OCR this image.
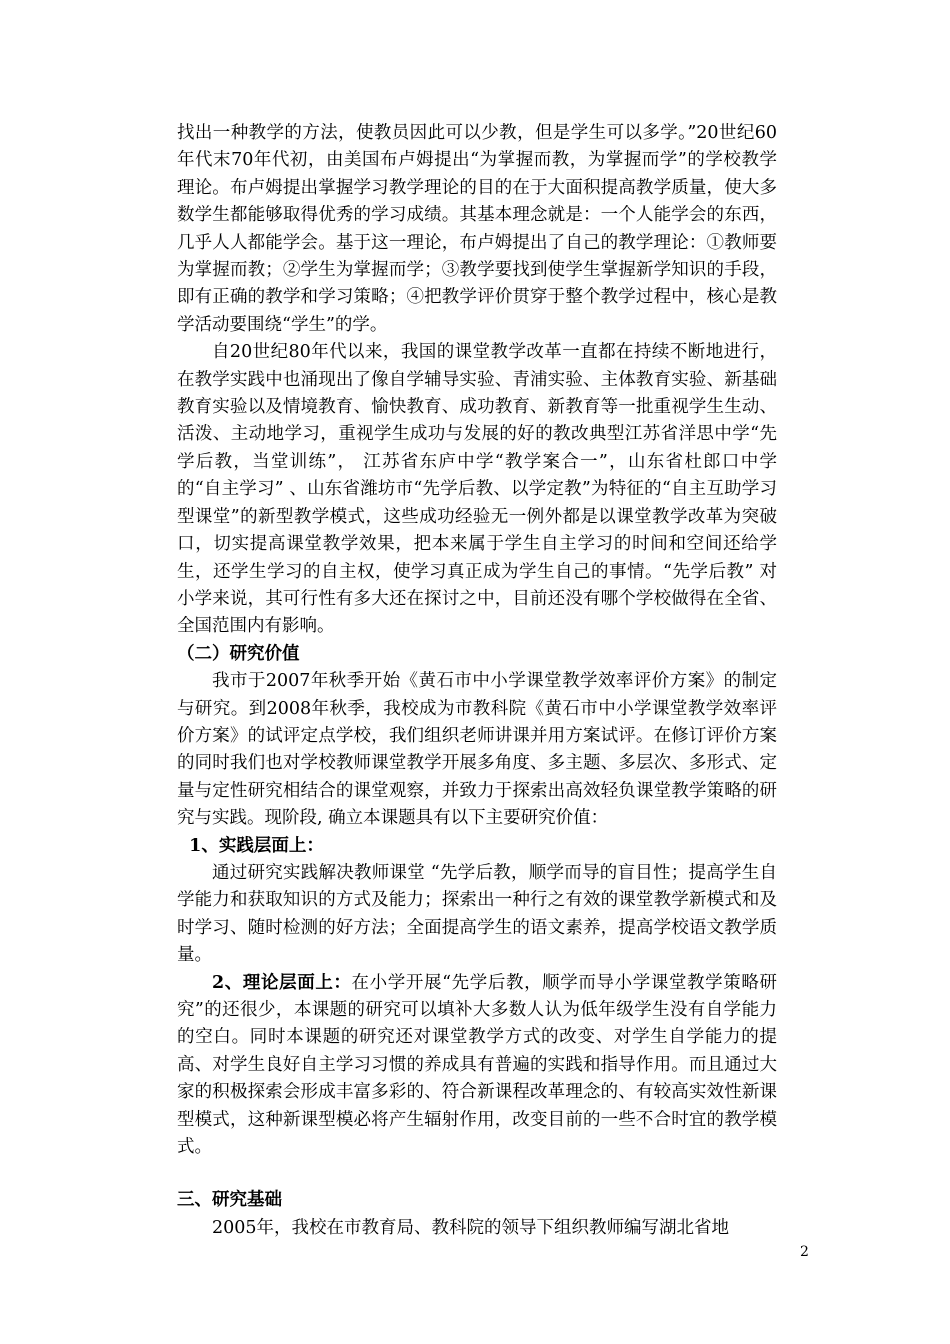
找出一种教学的方法，使教员因此可以少教，但是学生可以多学。”20世纪60年代末70年代初，由美国布卢姆提出“为掌握而教，为掌握而学”的学校教学理论。布卢姆提出掌握学习教学理论的目的在于大面积提高教学质量，使大多数学生都能够取得优秀的学习成绩。其基本理念就是：一个人能学会的东西，几乎人人都能学会。基于这一理论，布卢姆提出了自己的教学理论：①教师要为掌握而教；②学生为掌握而学；③教学要找到使学生掌握新学知识的手段，即有正确的教学和学习策略；④把教学评价贯穿于整个教学过程中，核心是教学活动要围绕“学生”的学。

自20世纪80年代以来，我国的课堂教学改革一直都在持续不断地进行，在教学实践中也涌现出了像自学辅导实验、青浦实验、主体教育实验、新基础教育实验以及情境教育、愉快教育、成功教育、新教育等一批重视学生生动、活泼、主动地学习，重视学生成功与发展的好的教改典型江苏省洋思中学“先学后教，当堂训练”， 江苏省东庐中学“教学案合一”，山东省杜郎口中学的“自主学习” 、山东省潍坊市“先学后教、以学定教”为特征的“自主互助学习型课堂”的新型教学模式，这些成功经验无一例外都是以课堂教学改革为突破口，切实提高课堂教学效果，把本来属于学生自主学习的时间和空间还给学生，还学生学习的自主权，使学习真正成为学生自己的事情。“先学后教” 对小学来说，其可行性有多大还在探讨之中，目前还没有哪个学校做得在全省、全国范围内有影响。

（二）研究价值

我市于2007年秋季开始《黄石市中小学课堂教学效率评价方案》的制定与研究。到2008年秋季，我校成为市教科院《黄石市中小学课堂教学效率评价方案》的试评定点学校，我们组织老师讲课并用方案试评。在修订评价方案的同时我们也对学校教师课堂教学开展多角度、多主题、多层次、多形式、定量与定性研究相结合的课堂观察，并致力于探索出高效轻负课堂教学策略的研究与实践。现阶段, 确立本课题具有以下主要研究价值：

1、实践层面上：

通过研究实践解决教师课堂 “先学后教，顺学而导的盲目性；提高学生自学能力和获取知识的方式及能力；探索出一种行之有效的课堂教学新模式和及时学习、随时检测的好方法；全面提高学生的语文素养，提高学校语文教学质量。

2、理论层面上：在小学开展“先学后教，顺学而导小学课堂教学策略研究”的还很少，本课题的研究可以填补大多数人认为低年级学生没有自学能力的空白。同时本课题的研究还对课堂教学方式的改变、对学生自学能力的提高、对学生良好自主学习习惯的养成具有普遍的实践和指导作用。而且通过大家的积极探索会形成丰富多彩的、符合新课程改革理念的、有较高实效性新课型模式，这种新课型模必将产生辐射作用，改变目前的一些不合时宜的教学模式。

三、研究基础

2005年，我校在市教育局、教科院的领导下组织教师编写湖北省地

2
